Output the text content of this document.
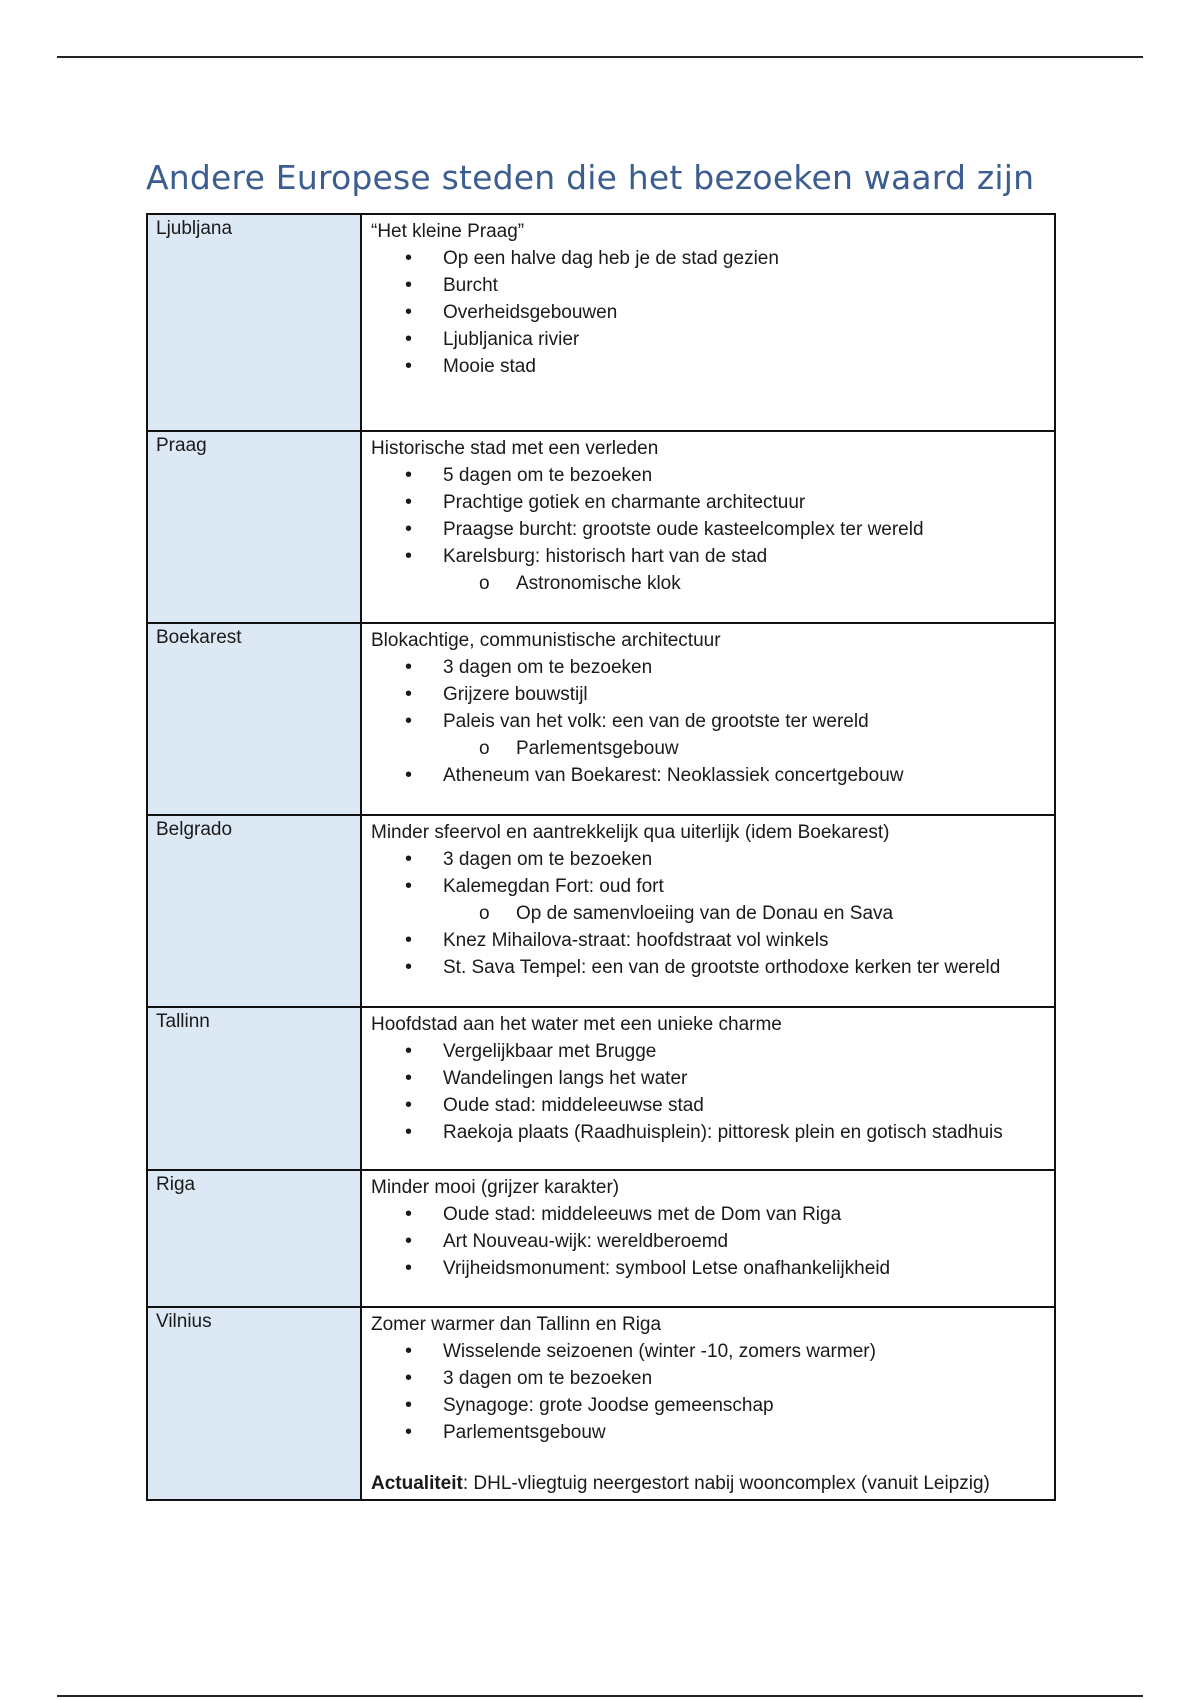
Andere Europese steden die het bezoeken waard zijn
Ljubljana	“Het kleine Praag”

• Op een halve dag heb je de stad gezien
• Burcht
• Overheidsgebouwen
• Ljubljanica rivier
• Mooie stad
Praag	Historische stad met een verleden

• 5 dagen om te bezoeken
• Prachtige gotiek en charmante architectuur
• Praagse burcht: grootste oude kasteelcomplex ter wereld
• Karelsburg: historisch hart van de stad
o Astronomische klok
Boekarest	Blokachtige, communistische architectuur

• 3 dagen om te bezoeken
• Grijzere bouwstijl
• Paleis van het volk: een van de grootste ter wereld
o Parlementsgebouw
• Atheneum van Boekarest: Neoklassiek concertgebouw
Belgrado	Minder sfeervol en aantrekkelijk qua uiterlijk (idem Boekarest)

• 3 dagen om te bezoeken
• Kalemegdan Fort: oud fort
o Op de samenvloeiing van de Donau en Sava
• Knez Mihailova-straat: hoofdstraat vol winkels
• St. Sava Tempel: een van de grootste orthodoxe kerken ter wereld
Tallinn	Hoofdstad aan het water met een unieke charme

• Vergelijkbaar met Brugge
• Wandelingen langs het water
• Oude stad: middeleeuwse stad
• Raekoja plaats (Raadhuisplein): pittoresk plein en gotisch stadhuis
Riga	Minder mooi (grijzer karakter)

• Oude stad: middeleeuws met de Dom van Riga
• Art Nouveau-wijk: wereldberoemd
• Vrijheidsmonument: symbool Letse onafhankelijkheid
Vilnius	Zomer warmer dan Tallinn en Riga

• Wisselende seizoenen (winter -10, zomers warmer)
• 3 dagen om te bezoeken
• Synagoge: grote Joodse gemeenschap
• Parlementsgebouw

Actualiteit: DHL-vliegtuig neergestort nabij wooncomplex (vanuit Leipzig)
